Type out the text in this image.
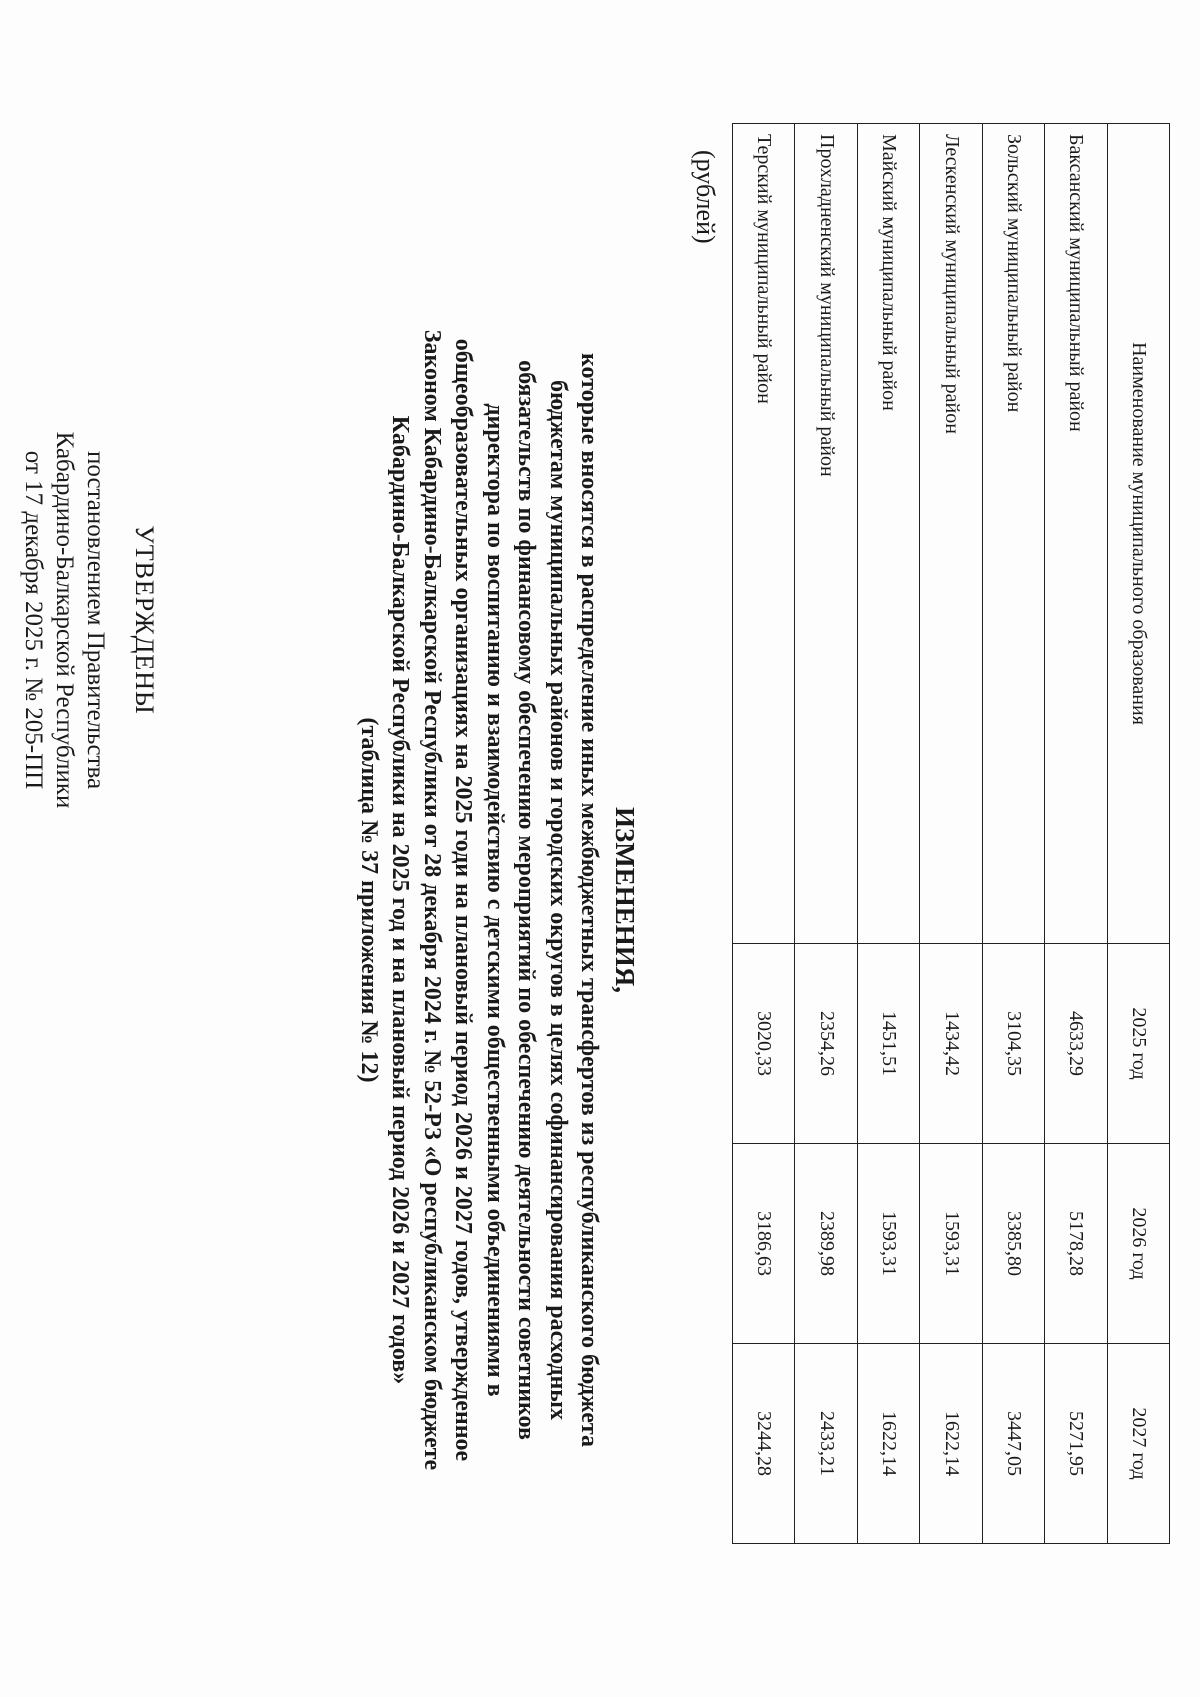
УТВЕРЖДЕНЫ
постановлением Правительства
Кабардино-Балкарской Республики
от 17 декабря 2025 г. № 205-ПП
ИЗМЕНЕНИЯ,
которые вносятся в распределение иных межбюджетных трансфертов из республиканского бюджета
бюджетам муниципальных районов и городских округов в целях софинансирования расходных
обязательств по финансовому обеспечению мероприятий по обеспечению деятельности советников
директора по воспитанию и взаимодействию с детскими общественными объединениями в
общеобразовательных организациях на 2025 годи на плановый период 2026 и 2027 годов, утвержденное
Законом Кабардино-Балкарской Республики от 28 декабря 2024 г. № 52-РЗ «О республиканском бюджете
Кабардино-Балкарской Республики на 2025 год и на плановый период 2026 и 2027 годов»
(таблица № 37 приложения № 12)
(рублей)
Наименование муниципального образования	2025 год	2026 год	2027 год
Баксанский муниципальный район	4633,29	5178,28	5271,95
Зольский муниципальный район	3104,35	3385,80	3447,05
Лескенский муниципальный район	1434,42	1593,31	1622,14
Майский муниципальный район	1451,51	1593,31	1622,14
Прохладненский муниципальный район	2354,26	2389,98	2433,21
Терский муниципальный район	3020,33	3186,63	3244,28
